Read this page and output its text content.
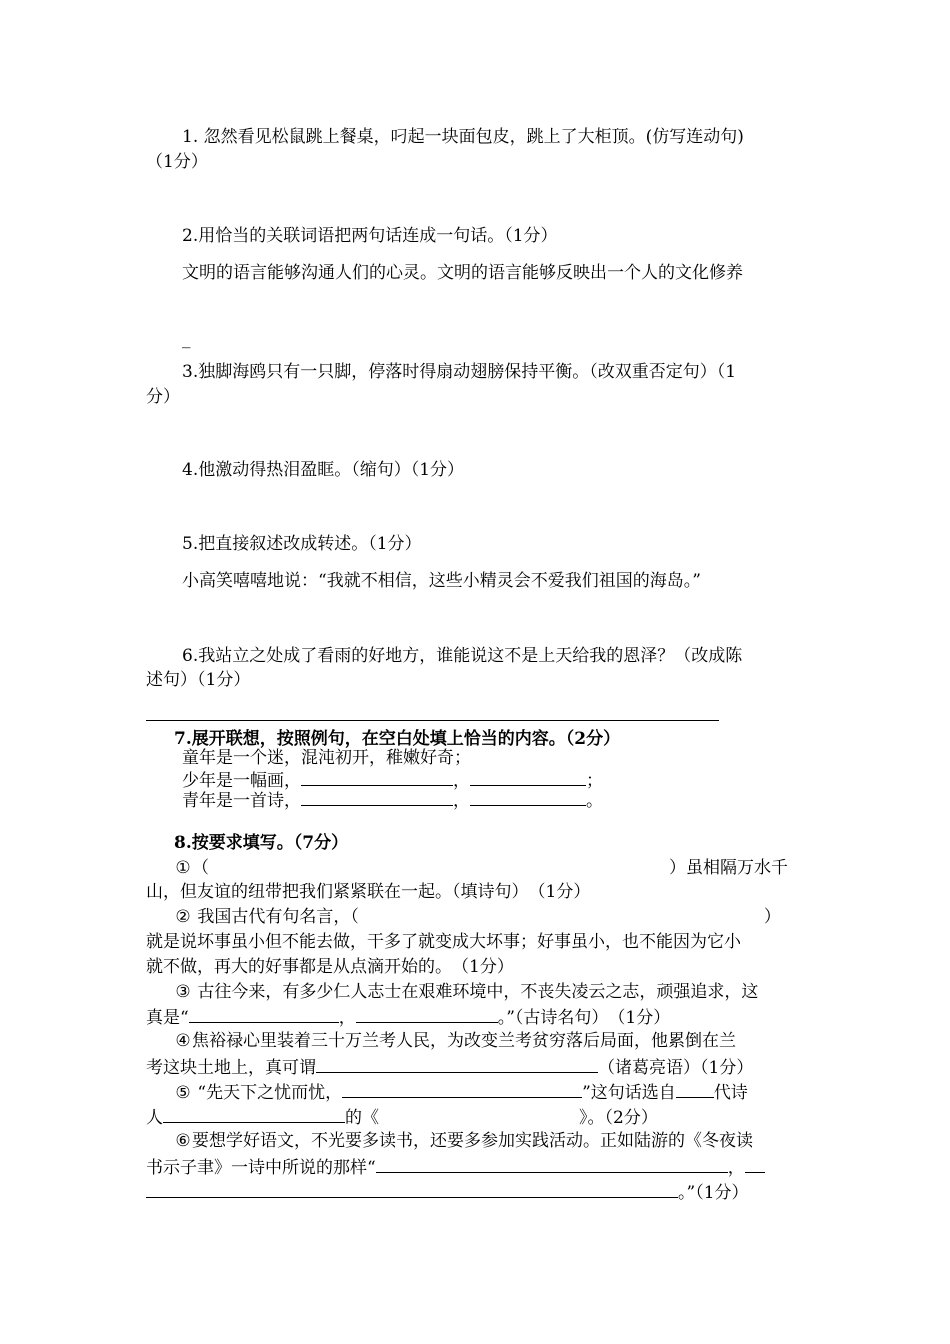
1. 忽然看见松鼠跳上餐桌，叼起一块面包皮，跳上了大柜顶。(仿写连动句)
（1分）
2.用恰当的关联词语把两句话连成一句话。（1分）
文明的语言能够沟通人们的心灵。文明的语言能够反映出一个人的文化修养
_
3.独脚海鸥只有一只脚，停落时得扇动翅膀保持平衡。（改双重否定句）（1
分）
4.他激动得热泪盈眶。（缩句）（1分）
5.把直接叙述改成转述。（1分）
小高笑嘻嘻地说：“我就不相信，这些小精灵会不爱我们祖国的海岛。”
6.我站立之处成了看雨的好地方，谁能说这不是上天给我的恩泽？（改成陈
述句）（1分）
7.展开联想，按照例句，在空白处填上恰当的内容。（2分）
童年是一个迷，混沌初开，稚嫩好奇；
少年是一幅画，	，	；
青年是一首诗，	，	。
8.按要求填写。（7分）
①（	）虽相隔万水千
山，但友谊的纽带把我们紧紧联在一起。（填诗句）　（1分）
② 我国古代有句名言，（	）
就是说坏事虽小但不能去做，干多了就变成大坏事；好事虽小，也不能因为它小
就不做，再大的好事都是从点滴开始的。　（1分）
③ 古往今来，有多少仁人志士在艰难环境中，不丧失凌云之志，顽强追求，这
真是“	，	。”（古诗名句）　（1分）
④焦裕禄心里装着三十万兰考人民，为改变兰考贫穷落后局面，他累倒在兰
考这块土地上，真可谓	（诸葛亮语）（1分）
⑤ “先天下之忧而忧，	”这句话选自 代诗
人	的《	》。（2分）
⑥要想学好语文，不光要多读书，还要多参加实践活动。正如陆游的《冬夜读
书示子聿》一诗中所说的那样“	，
。”（1分）
